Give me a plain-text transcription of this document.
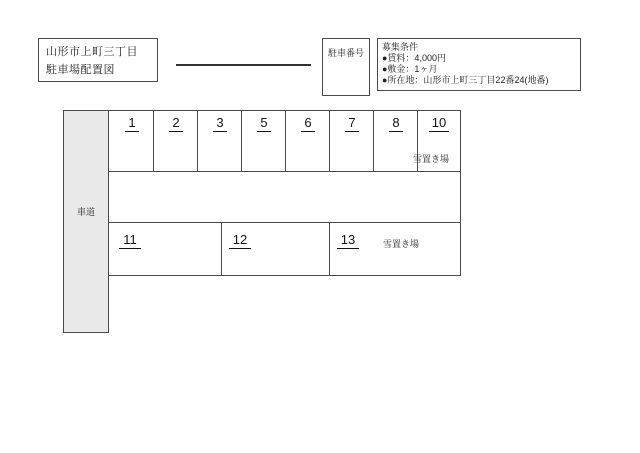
山形市上町三丁目
駐車場配置図
駐車番号
募集条件
●賃料：4,000円
●敷金：1ヶ月
●所在地：山形市上町三丁目22番24(地番)
車道
1	2	3	5	6	7	8 10
雪置き場
11	12	13	雪置き場
